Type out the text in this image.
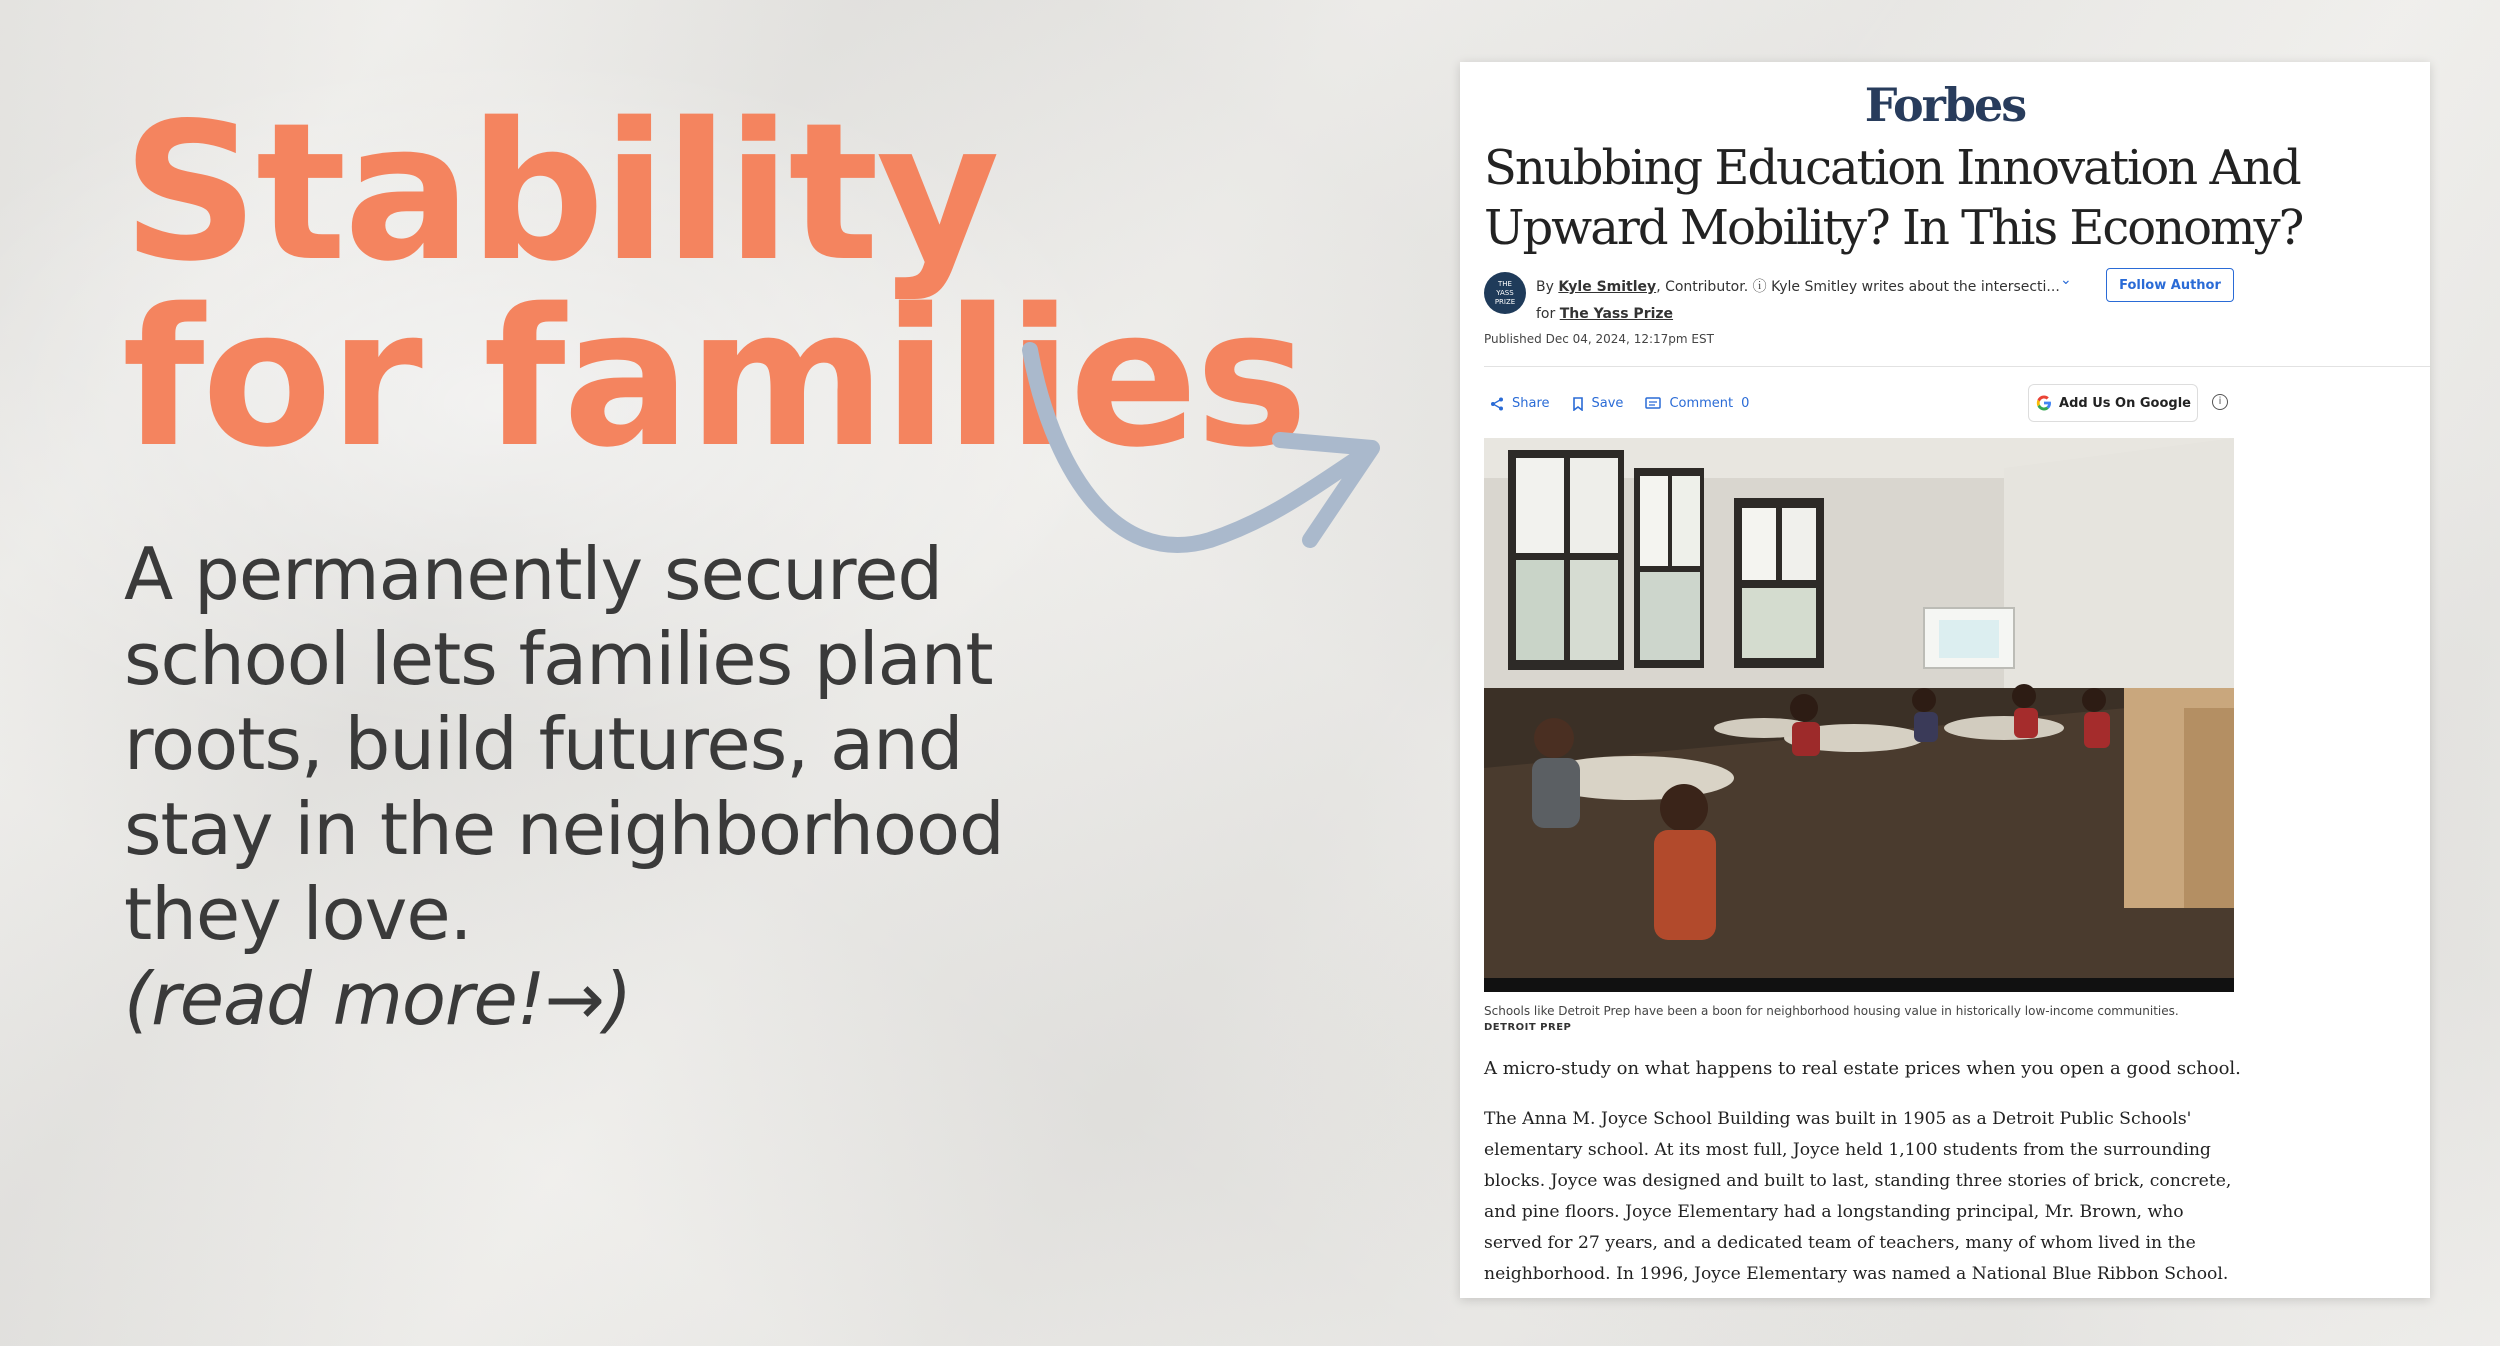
Stability for families

A permanently secured school lets families plant roots, build futures, and stay in the neighborhood they love.
(read more!→)

Forbes
Snubbing Education Innovation And Upward Mobility? In This Economy?
THE YASS PRIZE
By Kyle Smitley, Contributor. ⓘ Kyle Smitley writes about the intersecti...
for The Yass Prize
⌄	Follow Author
Published Dec 04, 2024, 12:17pm EST
Share	Save	Comment 0	Add Us On Google	i
Schools like Detroit Prep have been a boon for neighborhood housing value in historically low-income communities.
DETROIT PREP
A micro-study on what happens to real estate prices when you open a good school.

The Anna M. Joyce School Building was built in 1905 as a Detroit Public Schools' elementary school. At its most full, Joyce held 1,100 students from the surrounding blocks. Joyce was designed and built to last, standing three stories of brick, concrete, and pine floors. Joyce Elementary had a longstanding principal, Mr. Brown, who served for 27 years, and a dedicated team of teachers, many of whom lived in the neighborhood. In 1996, Joyce Elementary was named a National Blue Ribbon School.
